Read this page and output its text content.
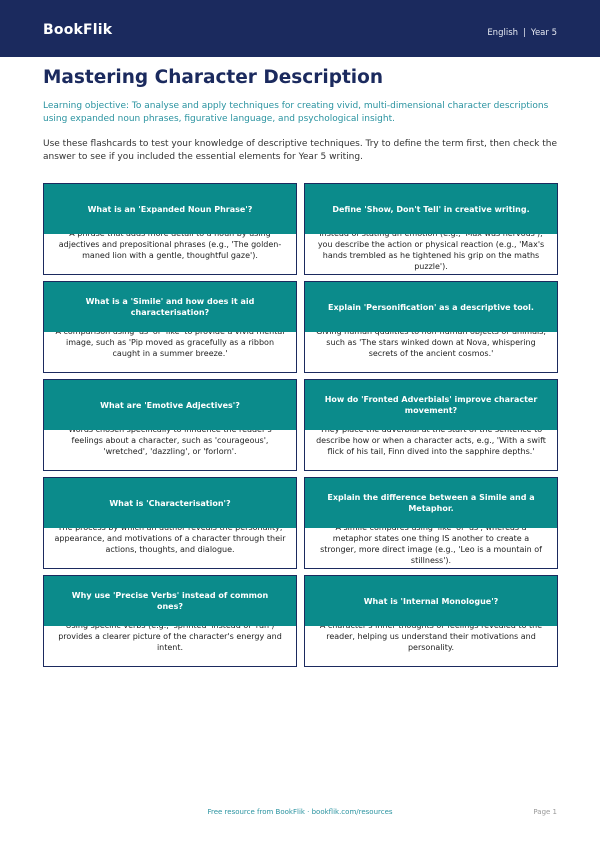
BookFlik	English | Year 5
Mastering Character Description

Learning objective: To analyse and apply techniques for creating vivid, multi-dimensional character descriptions using expanded noun phrases, figurative language, and psychological insight.

Use these flashcards to test your knowledge of descriptive techniques. Try to define the term first, then check the answer to see if you included the essential elements for Year 5 writing.

What is an 'Expanded Noun Phrase'?
adjectives and prepositional phrases (e.g., 'The golden-maned lion with a gentle, thoughtful gaze').
Define 'Show, Don't Tell' in creative writing.
you describe the action or physical reaction (e.g., 'Max's hands trembled as he tightened his grip on the maths puzzle').
What is a 'Simile' and how does it aid characterisation?
image, such as 'Pip moved as gracefully as a ribbon caught in a summer breeze.'
Explain 'Personification' as a descriptive tool.
such as 'The stars winked down at Nova, whispering secrets of the ancient cosmos.'
What are 'Emotive Adjectives'?
feelings about a character, such as 'courageous', 'wretched', 'dazzling', or 'forlorn'.
How do 'Fronted Adverbials' improve character movement?
describe how or when a character acts, e.g., 'With a swift flick of his tail, Finn dived into the sapphire depths.'
What is 'Characterisation'?
appearance, and motivations of a character through their actions, thoughts, and dialogue.
Explain the difference between a Simile and a Metaphor.
metaphor states one thing IS another to create a stronger, more direct image (e.g., 'Leo is a mountain of stillness').
Why use 'Precise Verbs' instead of common ones?
provides a clearer picture of the character's energy and intent.
What is 'Internal Monologue'?
reader, helping us understand their motivations and personality.
Free resource from BookFlik · bookflik.com/resources	Page 1
